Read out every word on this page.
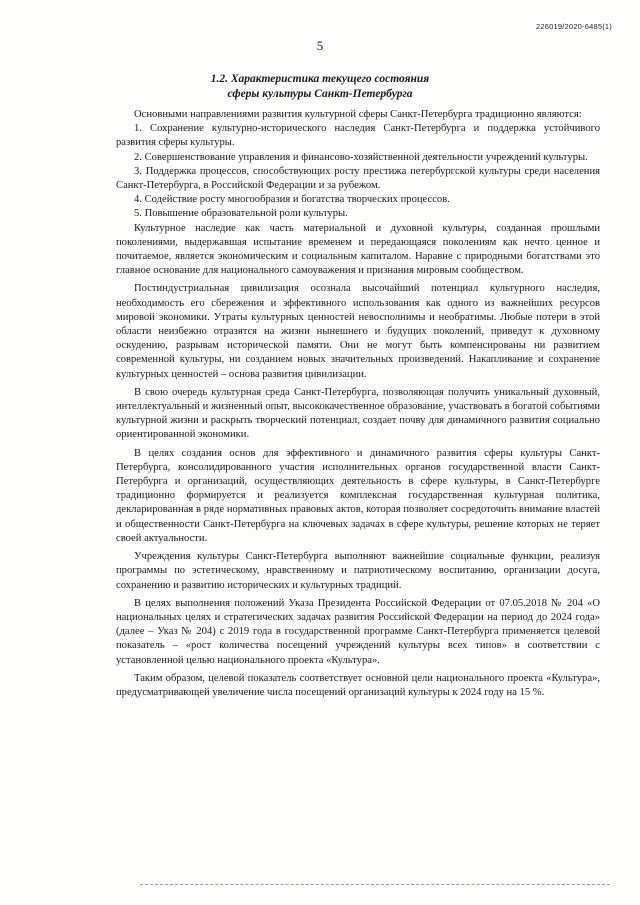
226019/2020-6485(1)
5
1.2. Характеристика текущего состояния
сферы культуры Санкт-Петербурга

Основными направлениями развития культурной сферы Санкт-Петербурга традиционно являются:

1. Сохранение культурно-исторического наследия Санкт-Петербурга и поддержка устойчивого развития сферы культуры.

2. Совершенствование управления и финансово-хозяйственной деятельности учреждений культуры.

3. Поддержка процессов, способствующих росту престижа петербургской культуры среди населения Санкт-Петербурга, в Российской Федерации и за рубежом.

4. Содействие росту многообразия и богатства творческих процессов.

5. Повышение образовательной роли культуры.

Культурное наследие как часть материальной и духовной культуры, созданная прошлыми поколениями, выдержавшая испытание временем и передающаяся поколениям как нечто ценное и почитаемое, является экономическим и социальным капиталом. Наравне с природными богатствами это главное основание для национального самоуважения и признания мировым сообществом.

Постиндустриальная цивилизация осознала высочайший потенциал культурного наследия, необходимость его сбережения и эффективного использования как одного из важнейших ресурсов мировой экономики. Утраты культурных ценностей невосполнимы и необратимы. Любые потери в этой области неизбежно отразятся на жизни нынешнего и будущих поколений, приведут к духовному оскудению, разрывам исторической памяти. Они не могут быть компенсированы ни развитием современной культуры, ни созданием новых значительных произведений. Накапливание и сохранение культурных ценностей – основа развития цивилизации.

В свою очередь культурная среда Санкт-Петербурга, позволяющая получить уникальный духовный, интеллектуальный и жизненный опыт, высококачественное образование, участвовать в богатой событиями культурной жизни и раскрыть творческий потенциал, создает почву для динамичного развития социально ориентированной экономики.

В целях создания основ для эффективного и динамичного развития сферы культуры Санкт-Петербурга, консолидированного участия исполнительных органов государственной власти Санкт-Петербурга и организаций, осуществляющих деятельность в сфере культуры, в Санкт-Петербурге традиционно формируется и реализуется комплексная государственная культурная политика, декларированная в ряде нормативных правовых актов, которая позволяет сосредоточить внимание властей и общественности Санкт-Петербурга на ключевых задачах в сфере культуры, решение которых не теряет своей актуальности.

Учреждения культуры Санкт-Петербурга выполняют важнейшие социальные функции, реализуя программы по эстетическому, нравственному и патриотическому воспитанию, организации досуга, сохранению и развитию исторических и культурных традиций.

В целях выполнения положений Указа Президента Российской Федерации от 07.05.2018 № 204 «О национальных целях и стратегических задачах развития Российской Федерации на период до 2024 года» (далее – Указ № 204) с 2019 года в государственной программе Санкт-Петербурга применяется целевой показатель – «рост количества посещений учреждений культуры всех типов» в соответствии с установленной целью национального проекта «Культура».

Таким образом, целевой показатель соответствует основной цели национального проекта «Культура», предусматривающей увеличение числа посещений организаций культуры к 2024 году на 15 %.
